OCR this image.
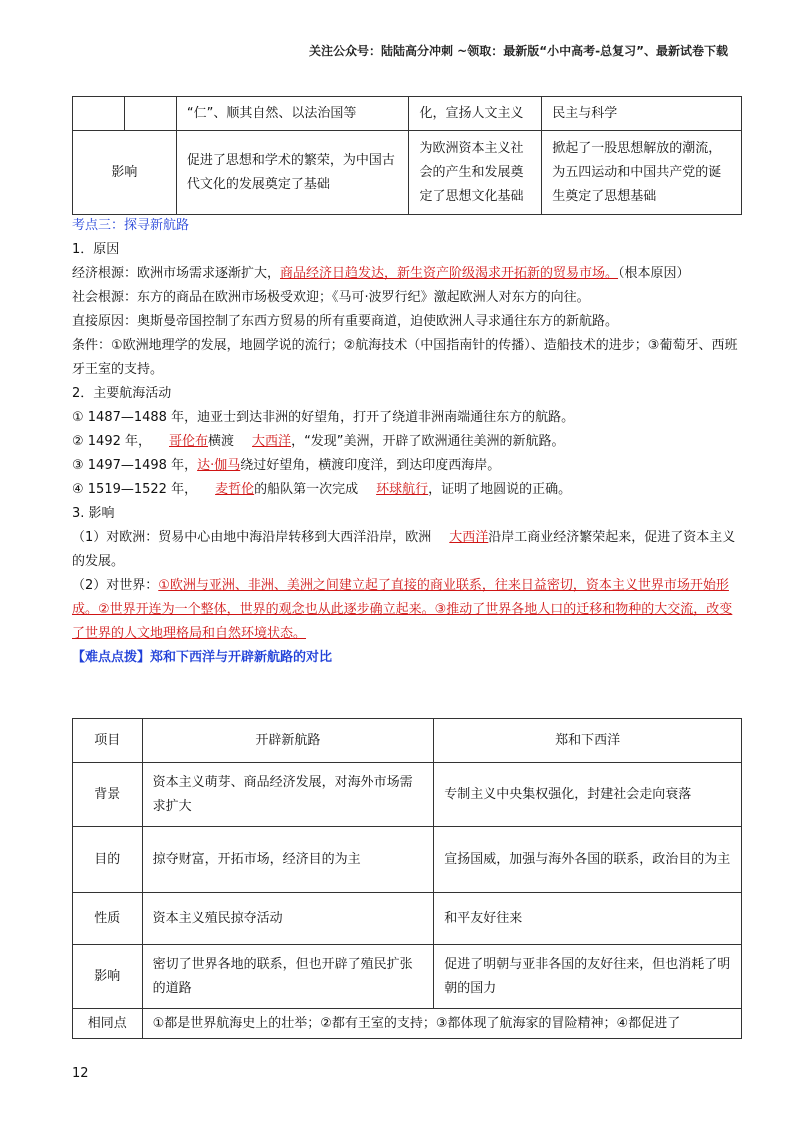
关注公众号：陆陆高分冲刺 ~领取：最新版“小中高考-总复习”、最新试卷下载
		“仁”、顺其自然、以法治国等	化，宣扬人文主义	民主与科学
影响		促进了思想和学术的繁荣，为中国古代文化的发展奠定了基础	为欧洲资本主义社会的产生和发展奠定了思想文化基础	掀起了一股思想解放的潮流，为五四运动和中国共产党的诞生奠定了思想基础

考点三：探寻新航路

1．原因

经济根源：欧洲市场需求逐渐扩大，商品经济日趋发达，新生资产阶级渴求开拓新的贸易市场。（根本原因）

社会根源：东方的商品在欧洲市场极受欢迎；《马可·波罗行纪》激起欧洲人对东方的向往。

直接原因：奥斯曼帝国控制了东西方贸易的所有重要商道，迫使欧洲人寻求通往东方的新航路。

条件：①欧洲地理学的发展，地圆学说的流行；②航海技术（中国指南针的传播）、造船技术的进步；③葡萄牙、西班牙王室的支持。

2．主要航海活动

① 1487—1488 年，迪亚士到达非洲的好望角，打开了绕道非洲南端通往东方的航路。

② 1492 年， 哥伦布横渡 大西洋，“发现”美洲，开辟了欧洲通往美洲的新航路。

③ 1497—1498 年，达·伽马绕过好望角，横渡印度洋，到达印度西海岸。

④ 1519—1522 年， 麦哲伦的船队第一次完成 环球航行，证明了地圆说的正确。

3. 影响

（1）对欧洲：贸易中心由地中海沿岸转移到大西洋沿岸，欧洲 大西洋沿岸工商业经济繁荣起来，促进了资本主义的发展。

（2）对世界：①欧洲与亚洲、非洲、美洲之间建立起了直接的商业联系，往来日益密切，资本主义世界市场开始形成。②世界开连为一个整体，世界的观念也从此逐步确立起来。③推动了世界各地人口的迁移和物种的大交流，改变了世界的人文地理格局和自然环境状态。

【难点点拨】郑和下西洋与开辟新航路的对比

项目	开辟新航路	郑和下西洋
背景	资本主义萌芽、商品经济发展，对海外市场需求扩大	专制主义中央集权强化，封建社会走向衰落
目的	掠夺财富，开拓市场，经济目的为主	宣扬国威，加强与海外各国的联系，政治目的为主
性质	资本主义殖民掠夺活动	和平友好往来
影响	密切了世界各地的联系，但也开辟了殖民扩张的道路	促进了明朝与亚非各国的友好往来，但也消耗了明朝的国力
相同点	①都是世界航海史上的壮举；②都有王室的支持；③都体现了航海家的冒险精神；④都促进了	
12
